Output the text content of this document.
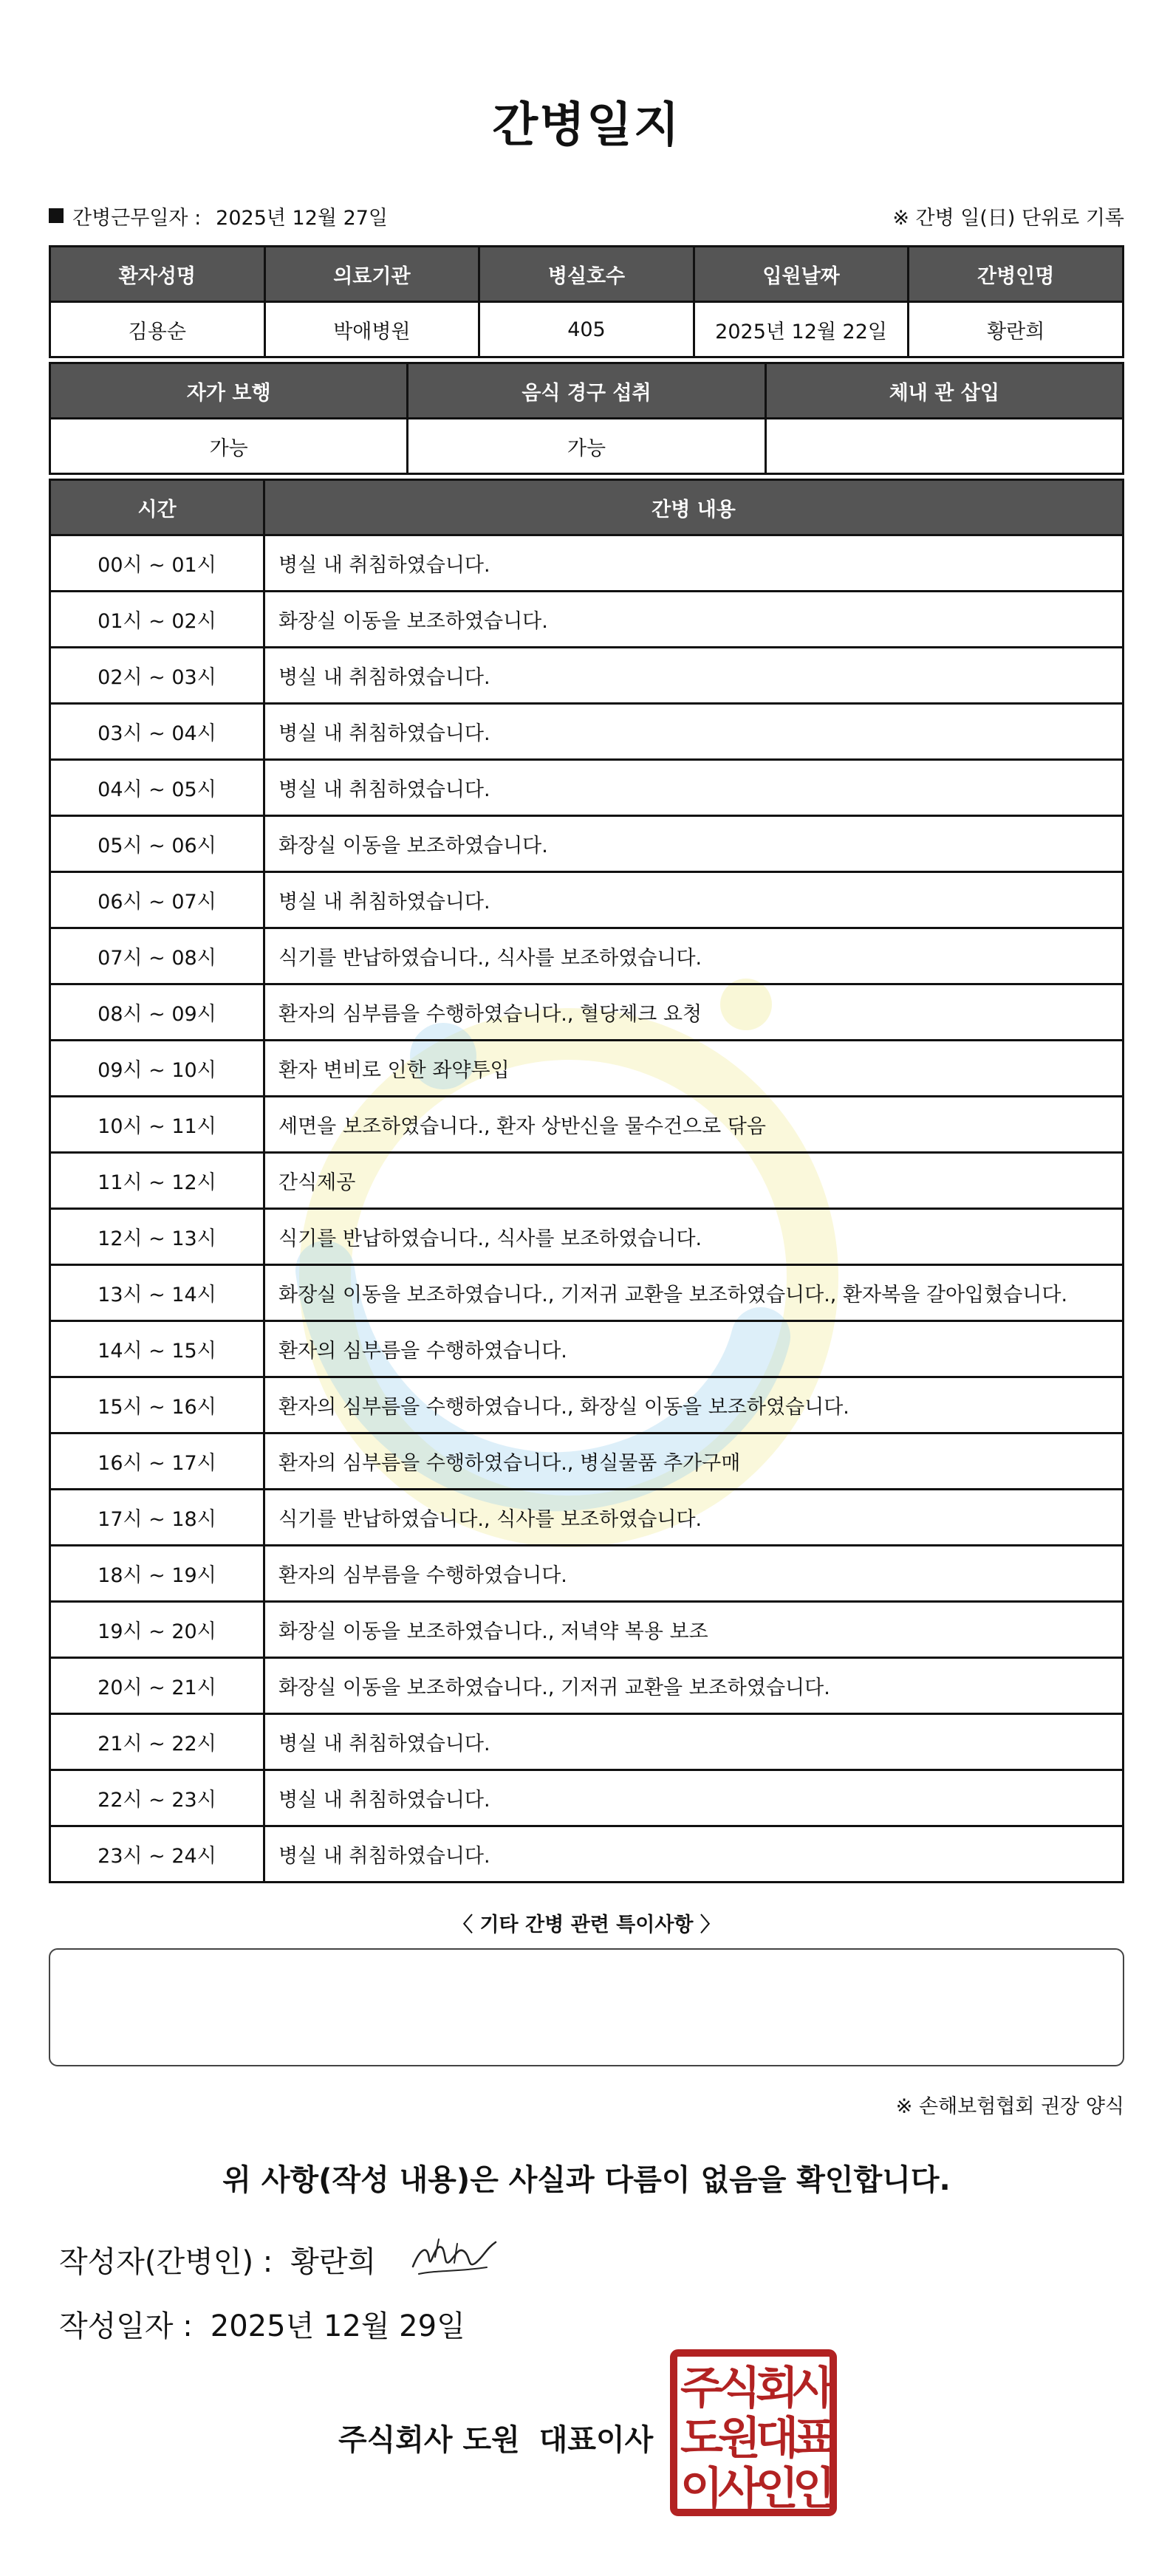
간병일지
간병근무일자 : 2025년 12월 27일	※ 간병 일(日) 단위로 기록
환자성명	의료기관	병실호수	입원날짜	간병인명
김용순	박애병원	405	2025년 12월 22일	황란희
자가 보행	음식 경구 섭취	체내 관 삽입
가능	가능	
시간	간병 내용
00시 ~ 01시	병실 내 취침하였습니다.
01시 ~ 02시	화장실 이동을 보조하였습니다.
02시 ~ 03시	병실 내 취침하였습니다.
03시 ~ 04시	병실 내 취침하였습니다.
04시 ~ 05시	병실 내 취침하였습니다.
05시 ~ 06시	화장실 이동을 보조하였습니다.
06시 ~ 07시	병실 내 취침하였습니다.
07시 ~ 08시	식기를 반납하였습니다., 식사를 보조하였습니다.
08시 ~ 09시	환자의 심부름을 수행하였습니다., 혈당체크 요청
09시 ~ 10시	환자 변비로 인한 좌약투입
10시 ~ 11시	세면을 보조하였습니다., 환자 상반신을 물수건으로 닦음
11시 ~ 12시	간식제공
12시 ~ 13시	식기를 반납하였습니다., 식사를 보조하였습니다.
13시 ~ 14시	화장실 이동을 보조하였습니다., 기저귀 교환을 보조하였습니다., 환자복을 갈아입혔습니다.
14시 ~ 15시	환자의 심부름을 수행하였습니다.
15시 ~ 16시	환자의 심부름을 수행하였습니다., 화장실 이동을 보조하였습니다.
16시 ~ 17시	환자의 심부름을 수행하였습니다., 병실물품 추가구매
17시 ~ 18시	식기를 반납하였습니다., 식사를 보조하였습니다.
18시 ~ 19시	환자의 심부름을 수행하였습니다.
19시 ~ 20시	화장실 이동을 보조하였습니다., 저녁약 복용 보조
20시 ~ 21시	화장실 이동을 보조하였습니다., 기저귀 교환을 보조하였습니다.
21시 ~ 22시	병실 내 취침하였습니다.
22시 ~ 23시	병실 내 취침하였습니다.
23시 ~ 24시	병실 내 취침하였습니다.
〈 기타 간병 관련 특이사항 〉
※ 손해보험협회 권장 양식
위 사항(작성 내용)은 사실과 다름이 없음을 확인합니다.
작성자(간병인) : 황란희
작성일자 : 2025년 12월 29일
주식회사 도원 대표이사
주
식
회
사
도
원
대
표
이
사
인
인
